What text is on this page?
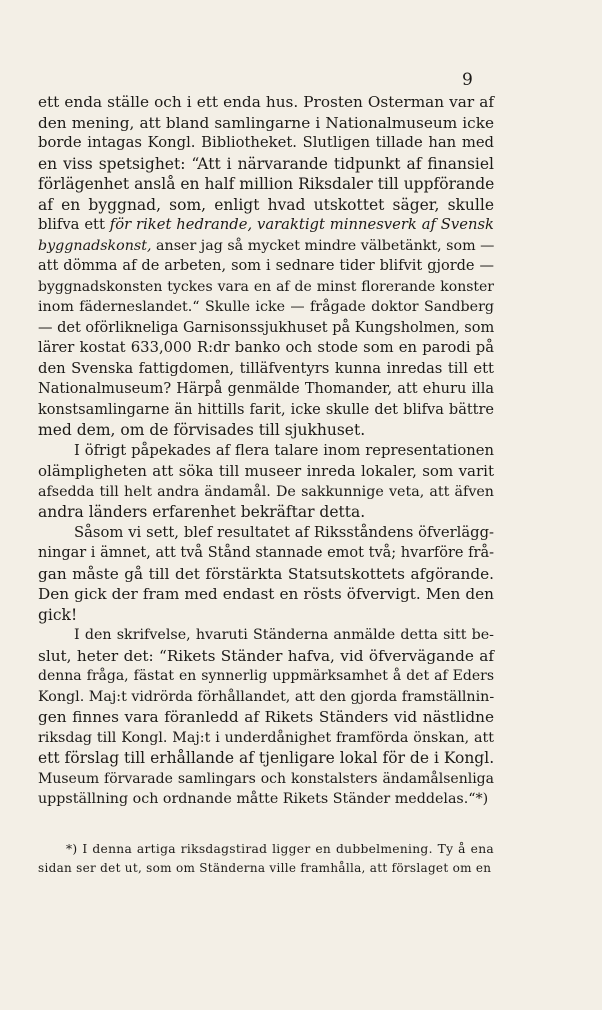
9
ett enda ställe och i ett enda hus. Prosten Osterman var af
den mening, att bland samlingarne i Nationalmuseum icke
borde intagas Kongl. Bibliotheket. Slutligen tillade han med
en viss spetsighet: “Att i närvarande tidpunkt af finansiel
förlägenhet anslå en half million Riksdaler till uppförande
af en byggnad, som, enligt hvad utskottet säger, skulle
blifva ett för riket hedrande, varaktigt minnesverk af Svensk
byggnadskonst, anser jag så mycket mindre välbetänkt, som —
att dömma af de arbeten, som i sednare tider blifvit gjorde —
byggnadskonsten tyckes vara en af de minst florerande konster
inom fäderneslandet.“ Skulle icke — frågade doktor Sandberg
— det oförlikneliga Garnisonssjukhuset på Kungsholmen, som
lärer kostat 633,000 R:dr banko och stode som en parodi på
den Svenska fattigdomen, tilläfventyrs kunna inredas till ett
Nationalmuseum? Härpå genmälde Thomander, att ehuru illa
konstsamlingarne än hittills farit, icke skulle det blifva bättre
med dem, om de förvisades till sjukhuset.
I öfrigt påpekades af flera talare inom representationen
olämpligheten att söka till museer inreda lokaler, som varit
afsedda till helt andra ändamål. De sakkunnige veta, att äfven
andra länders erfarenhet bekräftar detta.
Såsom vi sett, blef resultatet af Riksståndens öfverlägg-
ningar i ämnet, att två Stånd stannade emot två; hvarföre frå-
gan måste gå till det förstärkta Statsutskottets afgörande.
Den gick der fram med endast en rösts öfvervigt. Men den
gick!
I den skrifvelse, hvaruti Ständerna anmälde detta sitt be-
slut, heter det: “Rikets Ständer hafva, vid öfvervägande af
denna fråga, fästat en synnerlig uppmärksamhet å det af Eders
Kongl. Maj:t vidrörda förhållandet, att den gjorda framställnin-
gen finnes vara föranledd af Rikets Ständers vid nästlidne
riksdag till Kongl. Maj:t i underdånighet framförda önskan, att
ett förslag till erhållande af tjenligare lokal för de i Kongl.
Museum förvarade samlingars och konstalsters ändamålsenliga
uppställning och ordnande måtte Rikets Ständer meddelas.“*)
*) I denna artiga riksdagstirad ligger en dubbelmening. Ty å ena
sidan ser det ut, som om Ständerna ville framhålla, att förslaget om en
